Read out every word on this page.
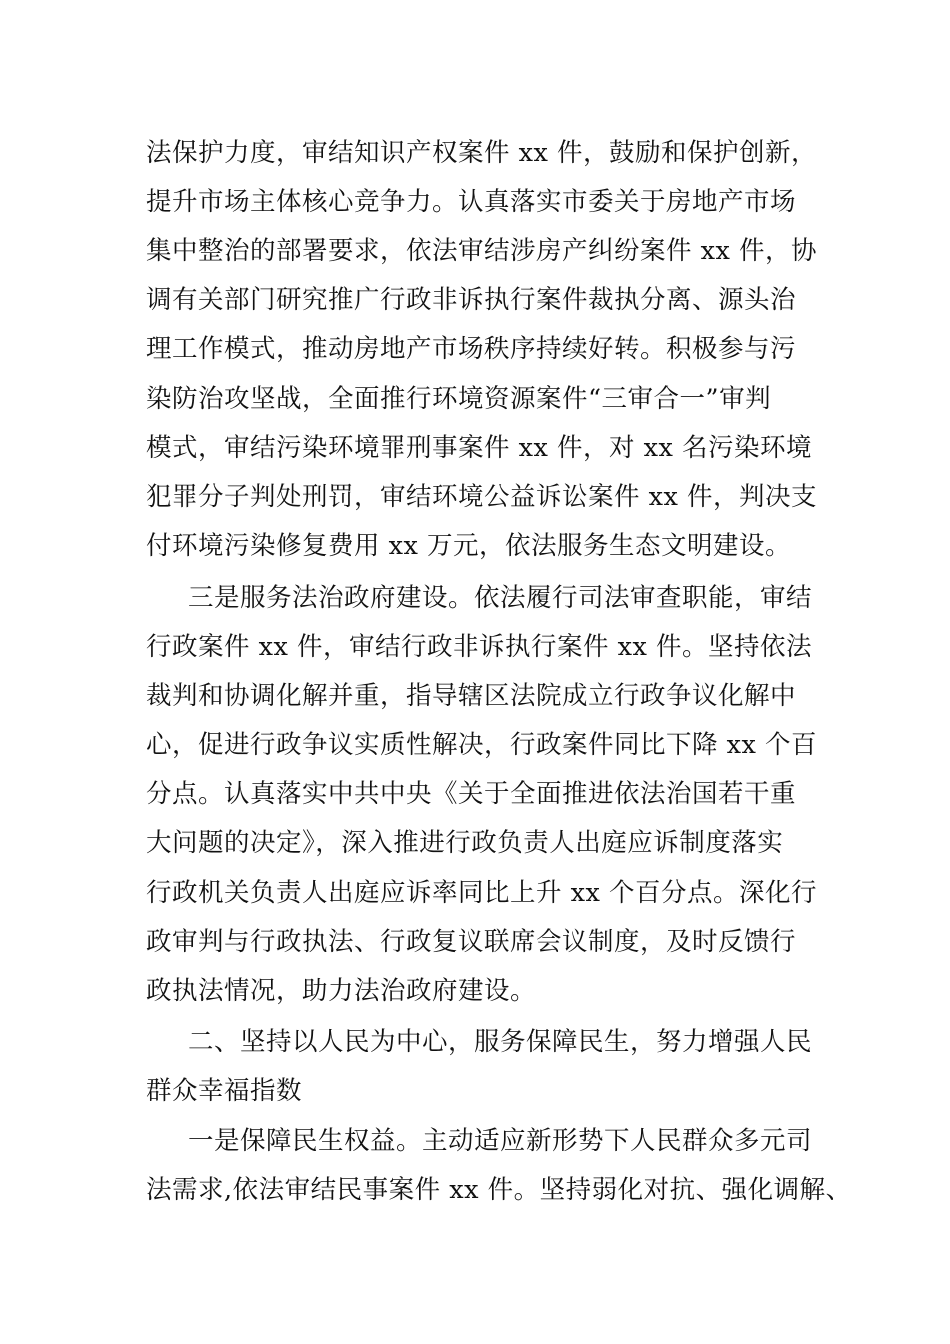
法保护力度，审结知识产权案件 xx 件，鼓励和保护创新，
提升市场主体核心竞争力。认真落实市委关于房地产市场
集中整治的部署要求，依法审结涉房产纠纷案件 xx 件，协
调有关部门研究推广行政非诉执行案件裁执分离、源头治
理工作模式，推动房地产市场秩序持续好转。积极参与污
染防治攻坚战，全面推行环境资源案件“三审合一”审判
模式，审结污染环境罪刑事案件 xx 件，对 xx 名污染环境
犯罪分子判处刑罚，审结环境公益诉讼案件 xx 件，判决支
付环境污染修复费用 xx 万元，依法服务生态文明建设。
三是服务法治政府建设。依法履行司法审查职能，审结
行政案件 xx 件，审结行政非诉执行案件 xx 件。坚持依法
裁判和协调化解并重，指导辖区法院成立行政争议化解中
心，促进行政争议实质性解决，行政案件同比下降 xx 个百
分点。认真落实中共中央《关于全面推进依法治国若干重
大问题的决定》，深入推进行政负责人出庭应诉制度落实
行政机关负责人出庭应诉率同比上升 xx 个百分点。深化行
政审判与行政执法、行政复议联席会议制度，及时反馈行
政执法情况，助力法治政府建设。
二、坚持以人民为中心，服务保障民生，努力增强人民
群众幸福指数
一是保障民生权益。主动适应新形势下人民群众多元司
法需求,依法审结民事案件 xx 件。坚持弱化对抗、强化调解、
